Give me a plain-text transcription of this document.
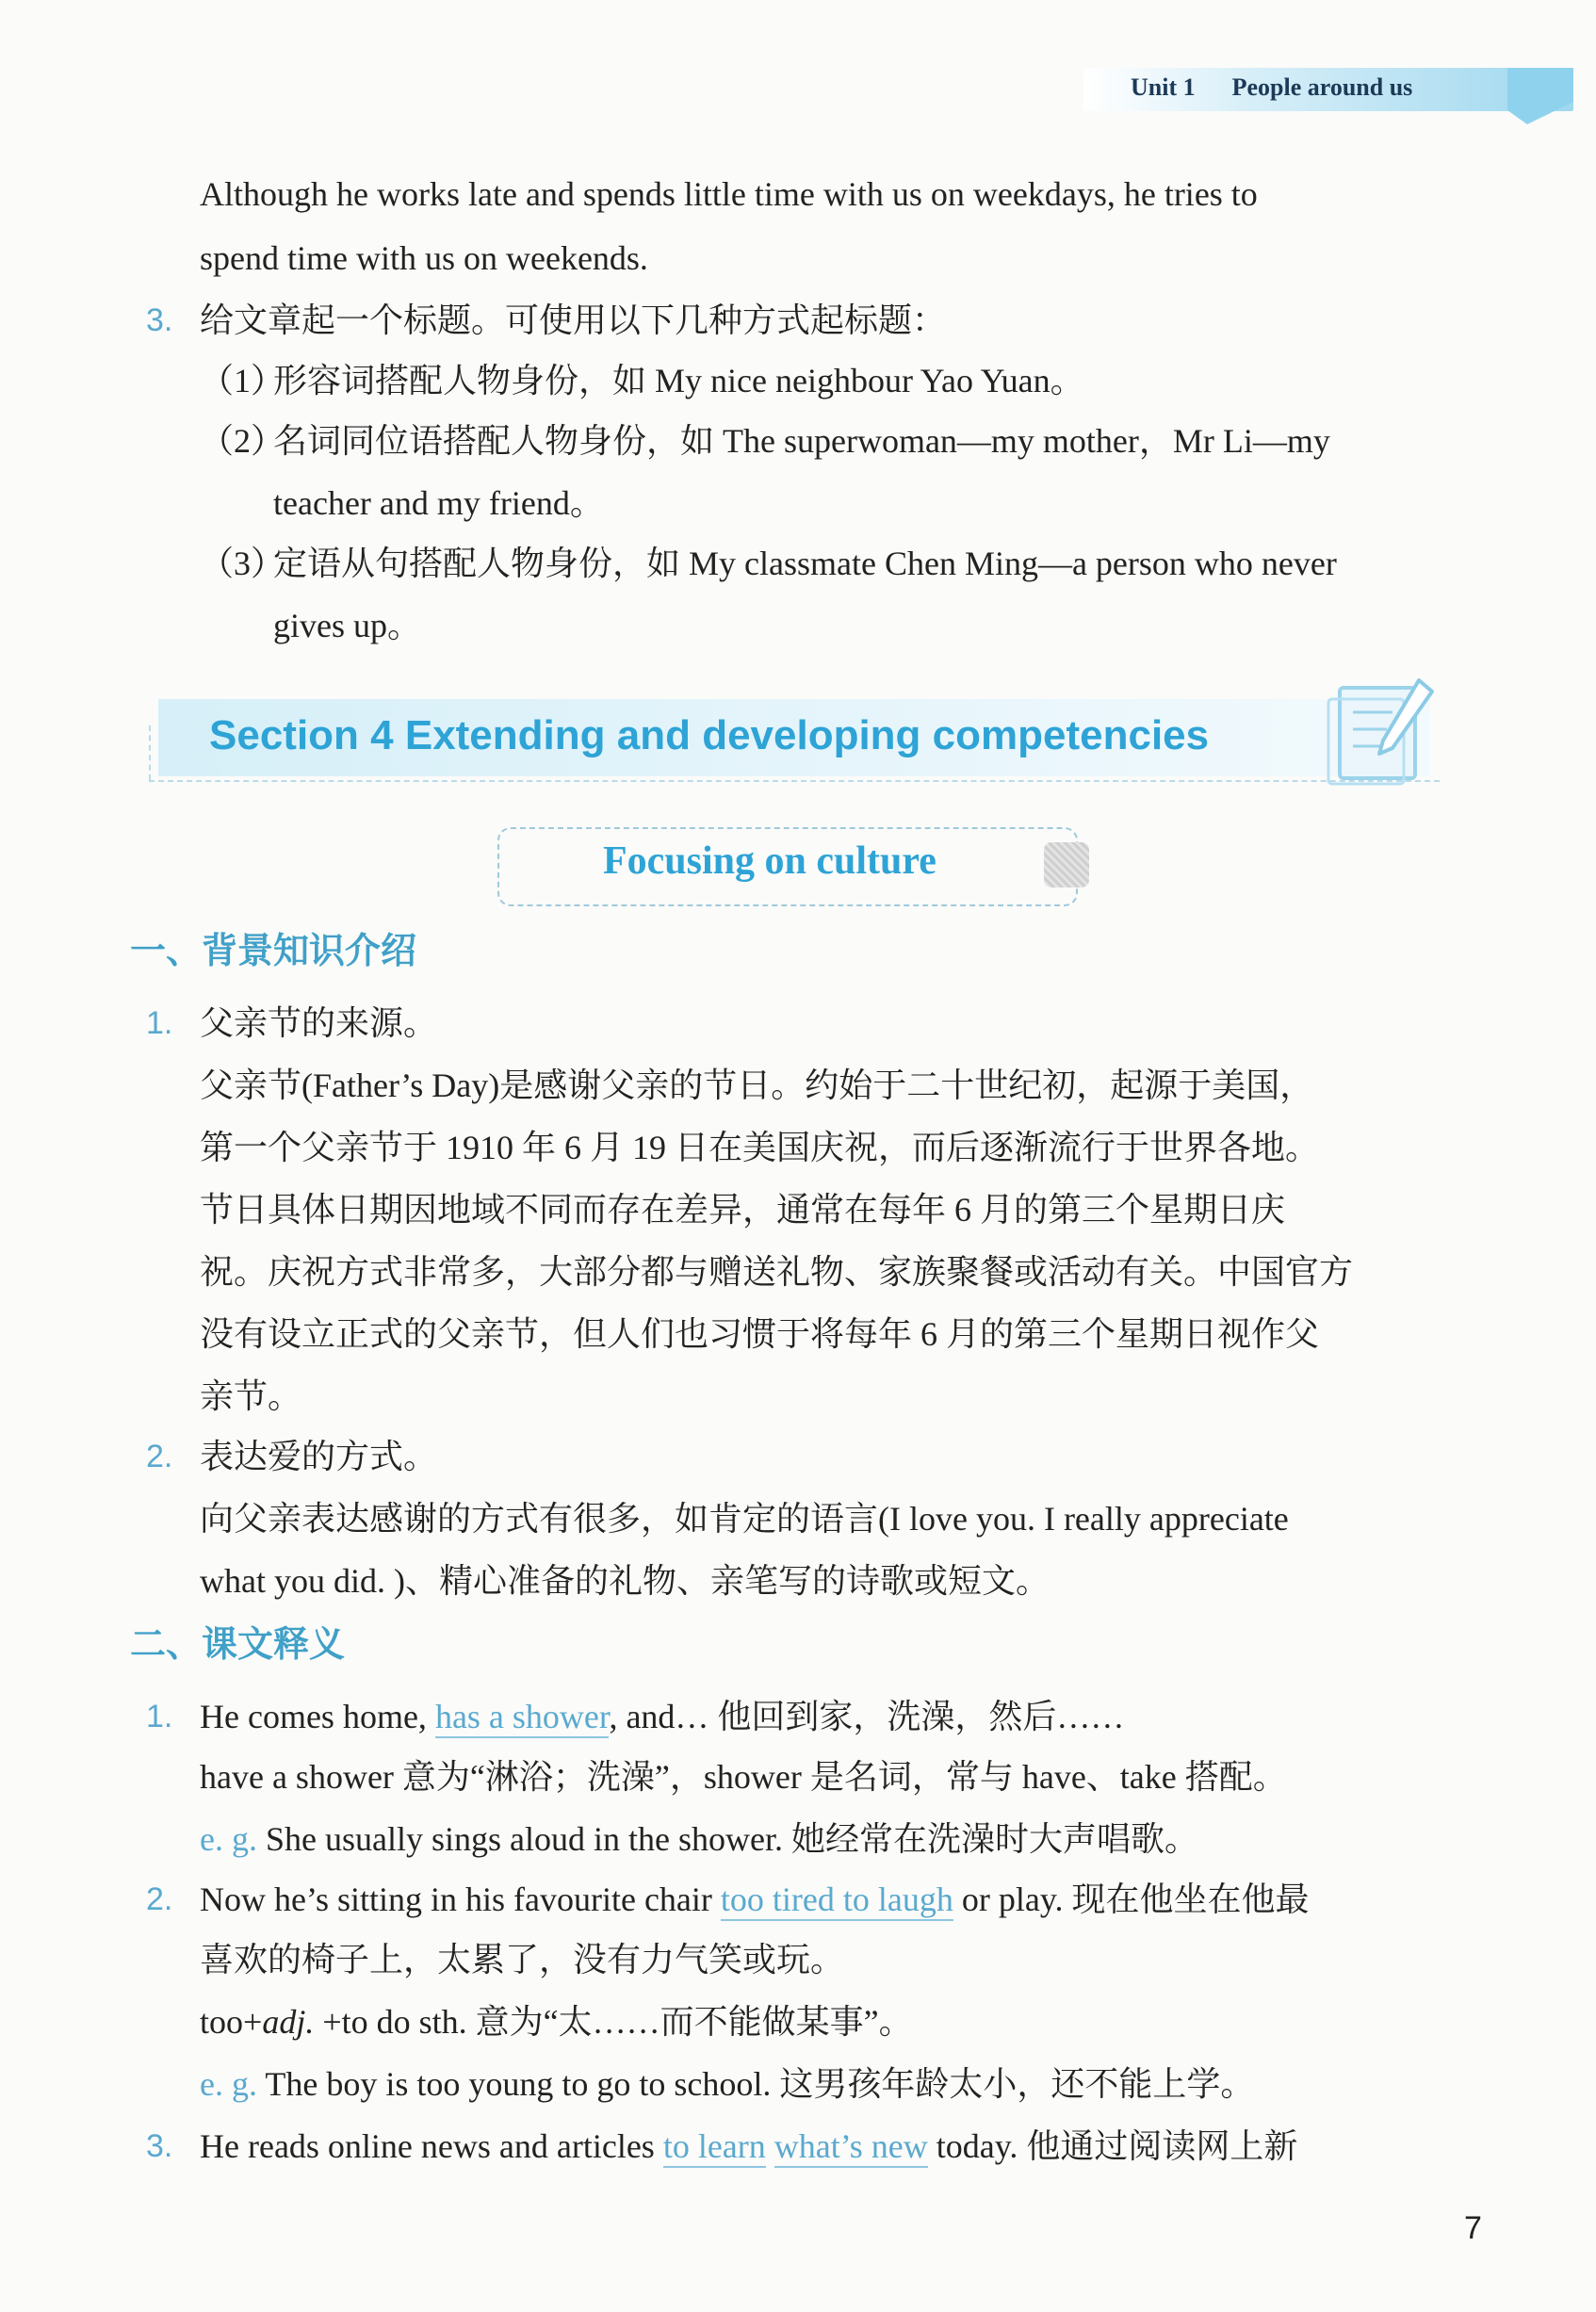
Unit 1 People around us
Although he works late and spends little time with us on weekdays, he tries to
spend time with us on weekends.
3. 给文章起一个标题。可使用以下几种方式起标题：
（1）
形容词搭配人物身份，如 My nice neighbour Yao Yuan。
（2）
名词同位语搭配人物身份，如 The superwoman—my mother，Mr Li—my
teacher and my friend。
（3）
定语从句搭配人物身份，如 My classmate Chen Ming—a person who never
gives up。
Section 4 Extending and developing competencies
Focusing on culture
一、背景知识介绍
1. 父亲节的来源。
父亲节(Father’s Day)是感谢父亲的节日。约始于二十世纪初，起源于美国，
第一个父亲节于 1910 年 6 月 19 日在美国庆祝，而后逐渐流行于世界各地。
节日具体日期因地域不同而存在差异，通常在每年 6 月的第三个星期日庆
祝。庆祝方式非常多，大部分都与赠送礼物、家族聚餐或活动有关。中国官方
没有设立正式的父亲节，但人们也习惯于将每年 6 月的第三个星期日视作父
亲节。
2. 表达爱的方式。
向父亲表达感谢的方式有很多，如肯定的语言(I love you. I really appreciate
what you did. )、精心准备的礼物、亲笔写的诗歌或短文。
二、课文释义
1. He comes home, has a shower, and… 他回到家，洗澡，然后……
have a shower 意为“淋浴；洗澡”，shower 是名词，常与 have、take 搭配。
e. g. She usually sings aloud in the shower. 她经常在洗澡时大声唱歌。
2. Now he’s sitting in his favourite chair too tired to laugh or play. 现在他坐在他最
喜欢的椅子上，太累了，没有力气笑或玩。
too+adj. +to do sth. 意为“太……而不能做某事”。
e. g. The boy is too young to go to school. 这男孩年龄太小，还不能上学。
3. He reads online news and articles to learn what’s new today. 他通过阅读网上新
7
